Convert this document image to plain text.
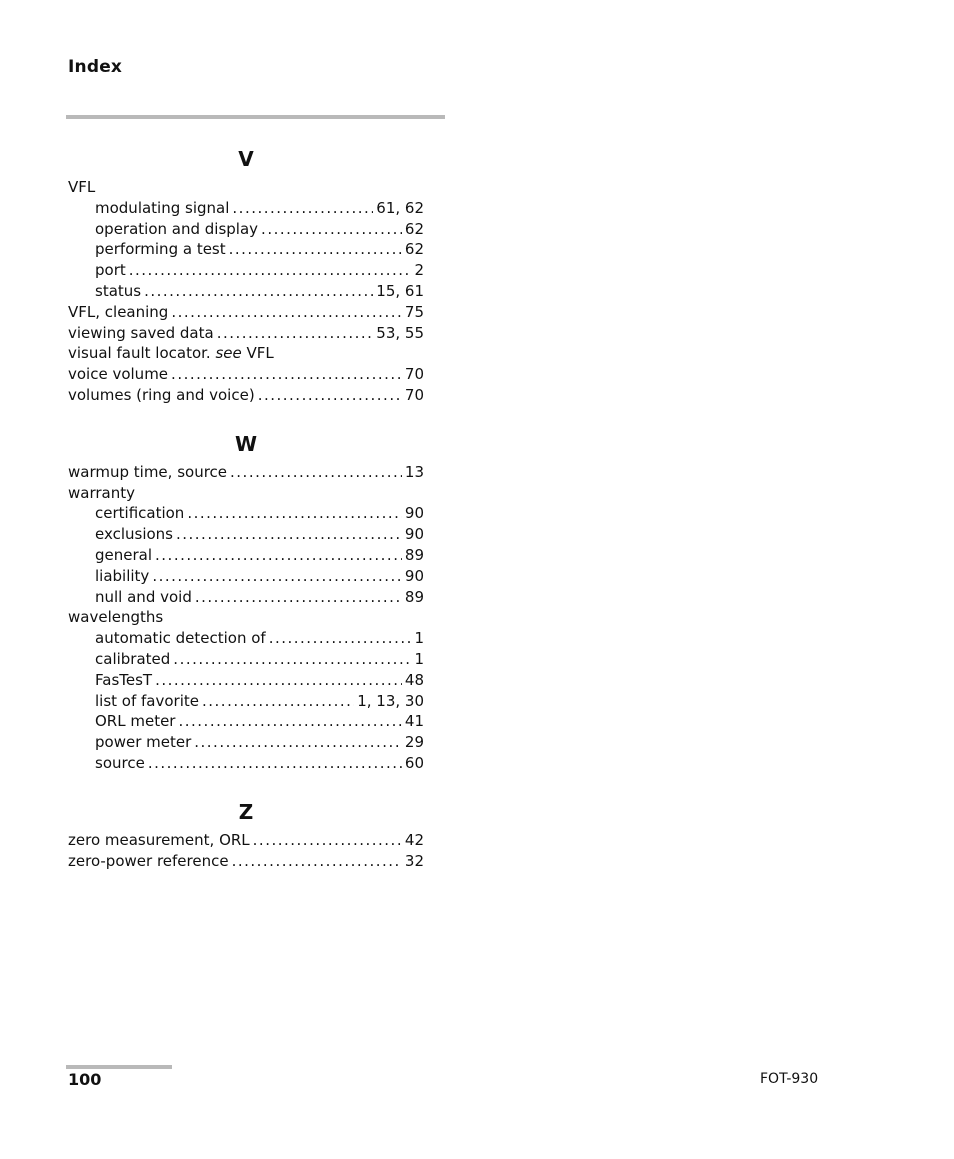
Index
V
VFL
modulating signal .....	61, 62
operation and display .....	62
performing a test .....	62
port .....	2
status .....	15, 61
VFL, cleaning .....	75
viewing saved data .....	53, 55
visual fault locator. see VFL
voice volume .....	70
volumes (ring and voice) .....	70
W
warmup time, source .....	13
warranty
certification .....	90
exclusions .....	90
general .....	89
liability .....	90
null and void .....	89
wavelengths
automatic detection of .....	1
calibrated .....	1
FasTesT .....	48
list of favorite .....	1, 13, 30
ORL meter .....	41
power meter .....	29
source .....	60
Z
zero measurement, ORL .....	42
zero-power reference .....	32
100	FOT-930
